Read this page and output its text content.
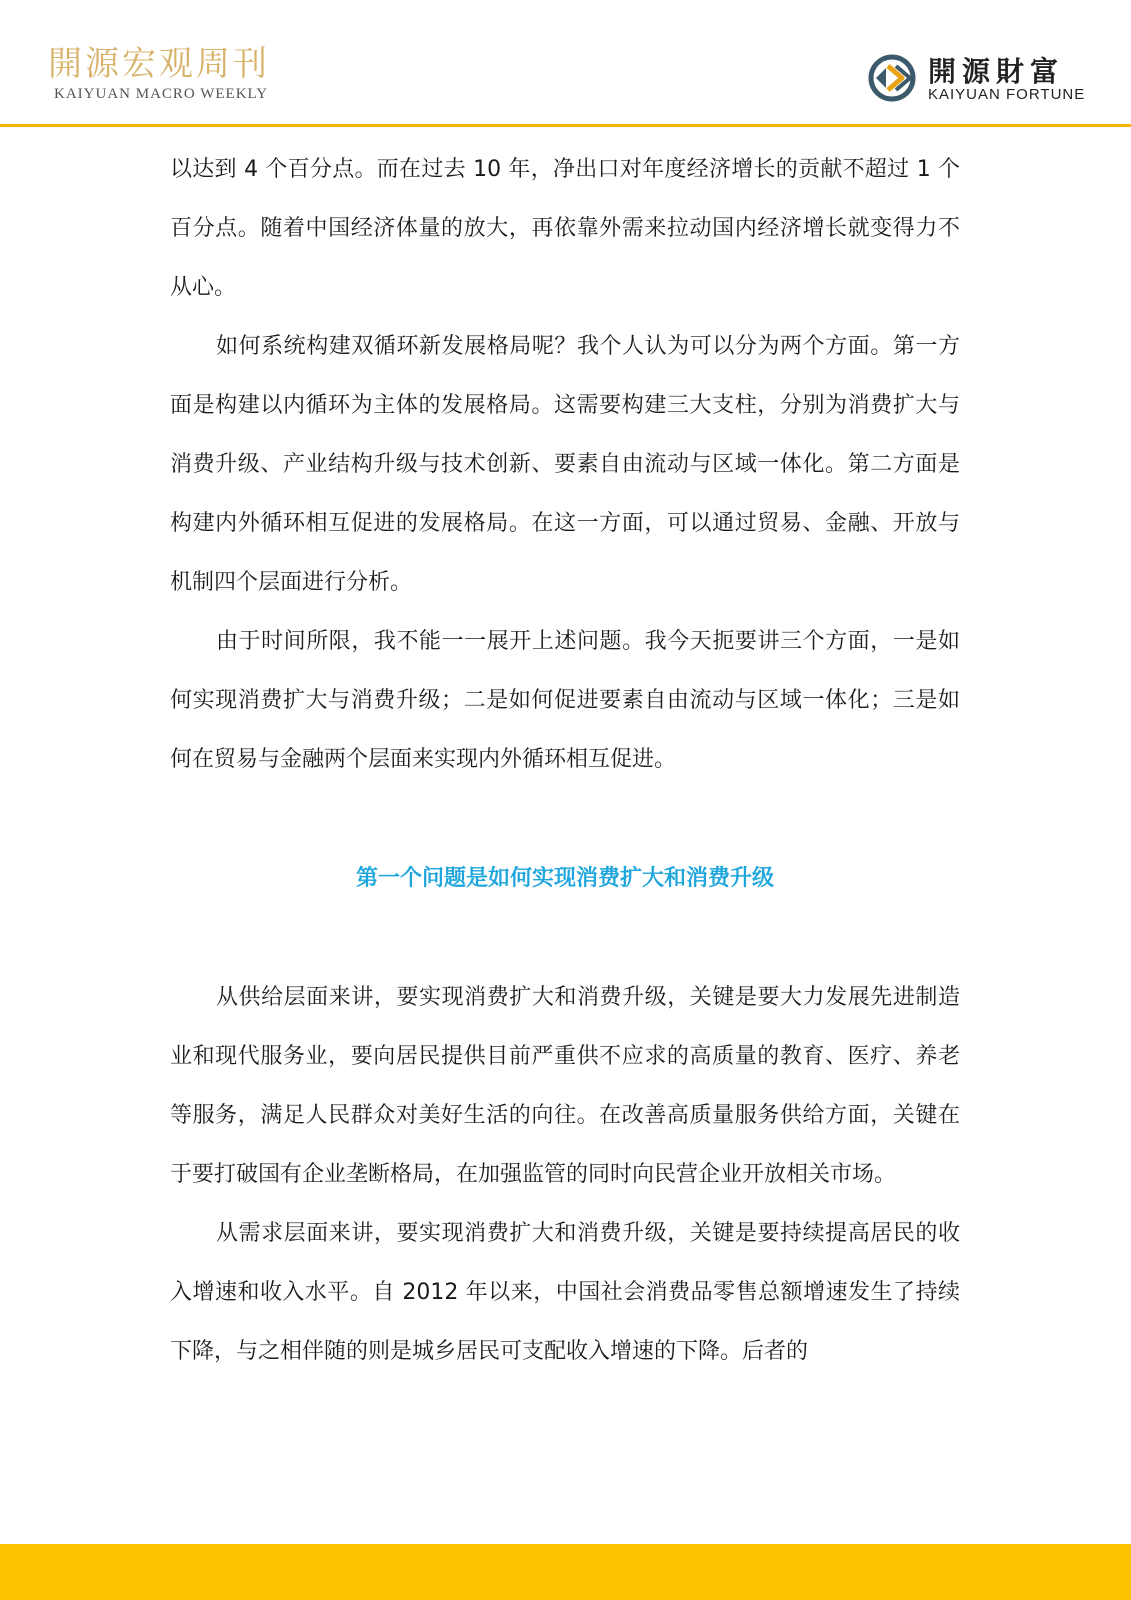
開源宏观周刊
KAIYUAN MACRO WEEKLY
開源財富
KAIYUAN FORTUNE

以达到 4 个百分点。而在过去 10 年，净出口对年度经济增长的贡献不超过 1 个百分点。随着中国经济体量的放大，再依靠外需来拉动国内经济增长就变得力不从心。

如何系统构建双循环新发展格局呢？我个人认为可以分为两个方面。第一方面是构建以内循环为主体的发展格局。这需要构建三大支柱，分别为消费扩大与消费升级、产业结构升级与技术创新、要素自由流动与区域一体化。第二方面是构建内外循环相互促进的发展格局。在这一方面，可以通过贸易、金融、开放与机制四个层面进行分析。

由于时间所限，我不能一一展开上述问题。我今天扼要讲三个方面，一是如何实现消费扩大与消费升级；二是如何促进要素自由流动与区域一体化；三是如何在贸易与金融两个层面来实现内外循环相互促进。

第一个问题是如何实现消费扩大和消费升级

从供给层面来讲，要实现消费扩大和消费升级，关键是要大力发展先进制造业和现代服务业，要向居民提供目前严重供不应求的高质量的教育、医疗、养老等服务，满足人民群众对美好生活的向往。在改善高质量服务供给方面，关键在于要打破国有企业垄断格局，在加强监管的同时向民营企业开放相关市场。

从需求层面来讲，要实现消费扩大和消费升级，关键是要持续提高居民的收入增速和收入水平。自 2012 年以来，中国社会消费品零售总额增速发生了持续下降，与之相伴随的则是城乡居民可支配收入增速的下降。后者的
